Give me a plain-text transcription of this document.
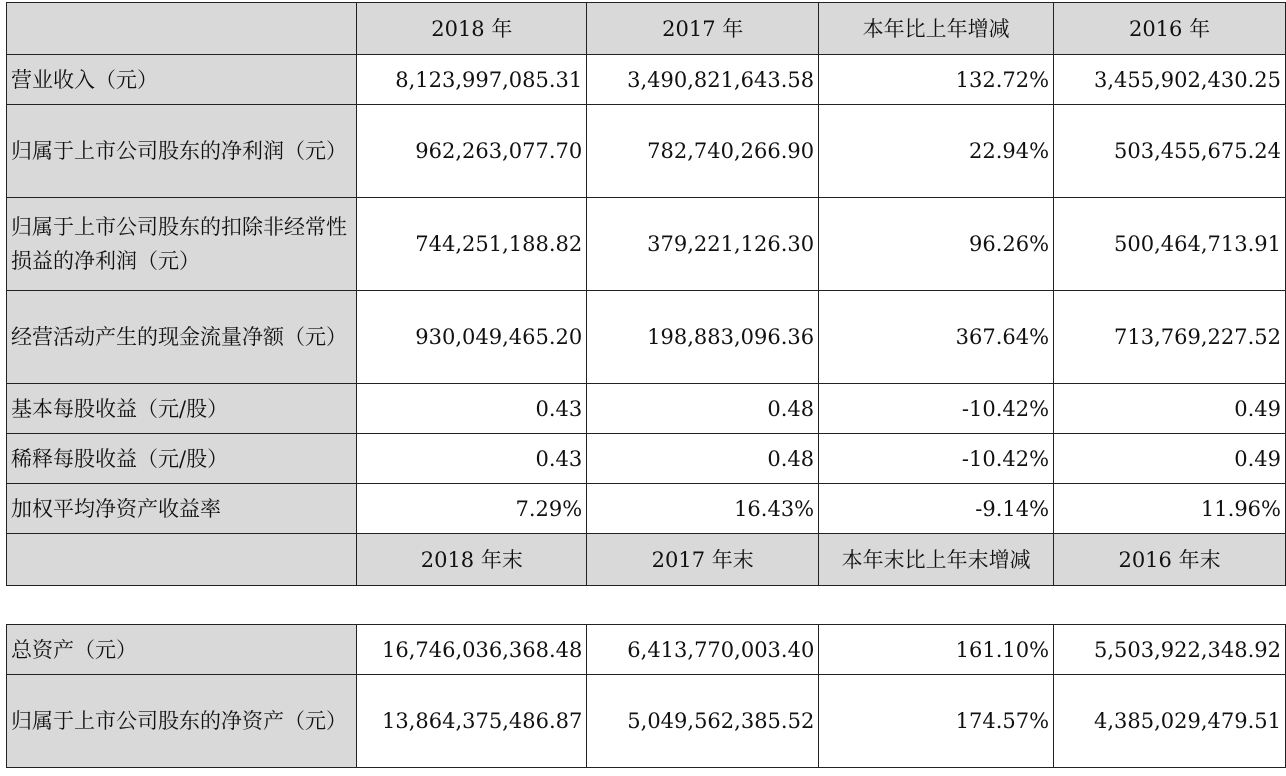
	2018 年	2017 年	本年比上年增减	2016 年
营业收入（元）	8,123,997,085.31	3,490,821,643.58	132.72%	3,455,902,430.25
归属于上市公司股东的净利润（元）	962,263,077.70	782,740,266.90	22.94%	503,455,675.24
归属于上市公司股东的扣除非经常性损益的净利润（元）	744,251,188.82	379,221,126.30	96.26%	500,464,713.91
经营活动产生的现金流量净额（元）	930,049,465.20	198,883,096.36	367.64%	713,769,227.52
基本每股收益（元/股）	0.43	0.48	-10.42%	0.49
稀释每股收益（元/股）	0.43	0.48	-10.42%	0.49
加权平均净资产收益率	7.29%	16.43%	-9.14%	11.96%
	2018 年末	2017 年末	本年末比上年末增减	2016 年末
总资产（元）	16,746,036,368.48	6,413,770,003.40	161.10%	5,503,922,348.92
归属于上市公司股东的净资产（元）	13,864,375,486.87	5,049,562,385.52	174.57%	4,385,029,479.51
